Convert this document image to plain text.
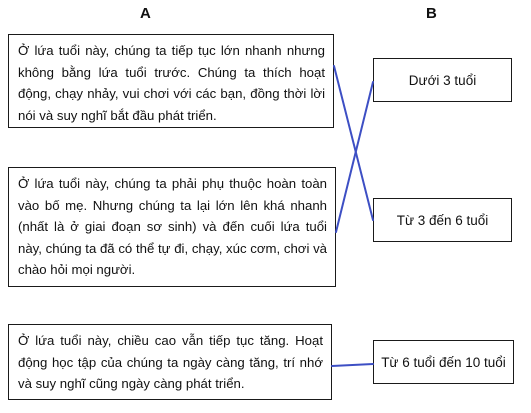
A	B
Ở lứa tuổi này, chúng ta tiếp tục lớn nhanh nhưng không bằng lứa tuổi trước. Chúng ta thích hoạt động, chạy nhảy, vui chơi với các bạn, đồng thời lời nói và suy nghĩ bắt đầu phát triển.
Ở lứa tuổi này, chúng ta phải phụ thuộc hoàn toàn vào bố mẹ. Nhưng chúng ta lại lớn lên khá nhanh (nhất là ở giai đoạn sơ sinh) và đến cuối lứa tuổi này, chúng ta đã có thể tự đi, chạy, xúc cơm, chơi và chào hỏi mọi người.
Ở lứa tuổi này, chiều cao vẫn tiếp tục tăng. Hoạt động học tập của chúng ta ngày càng tăng, trí nhớ và suy nghĩ cũng ngày càng phát triển.
Dưới 3 tuổi
Từ 3 đến 6 tuổi
Từ 6 tuổi đến 10 tuổi
